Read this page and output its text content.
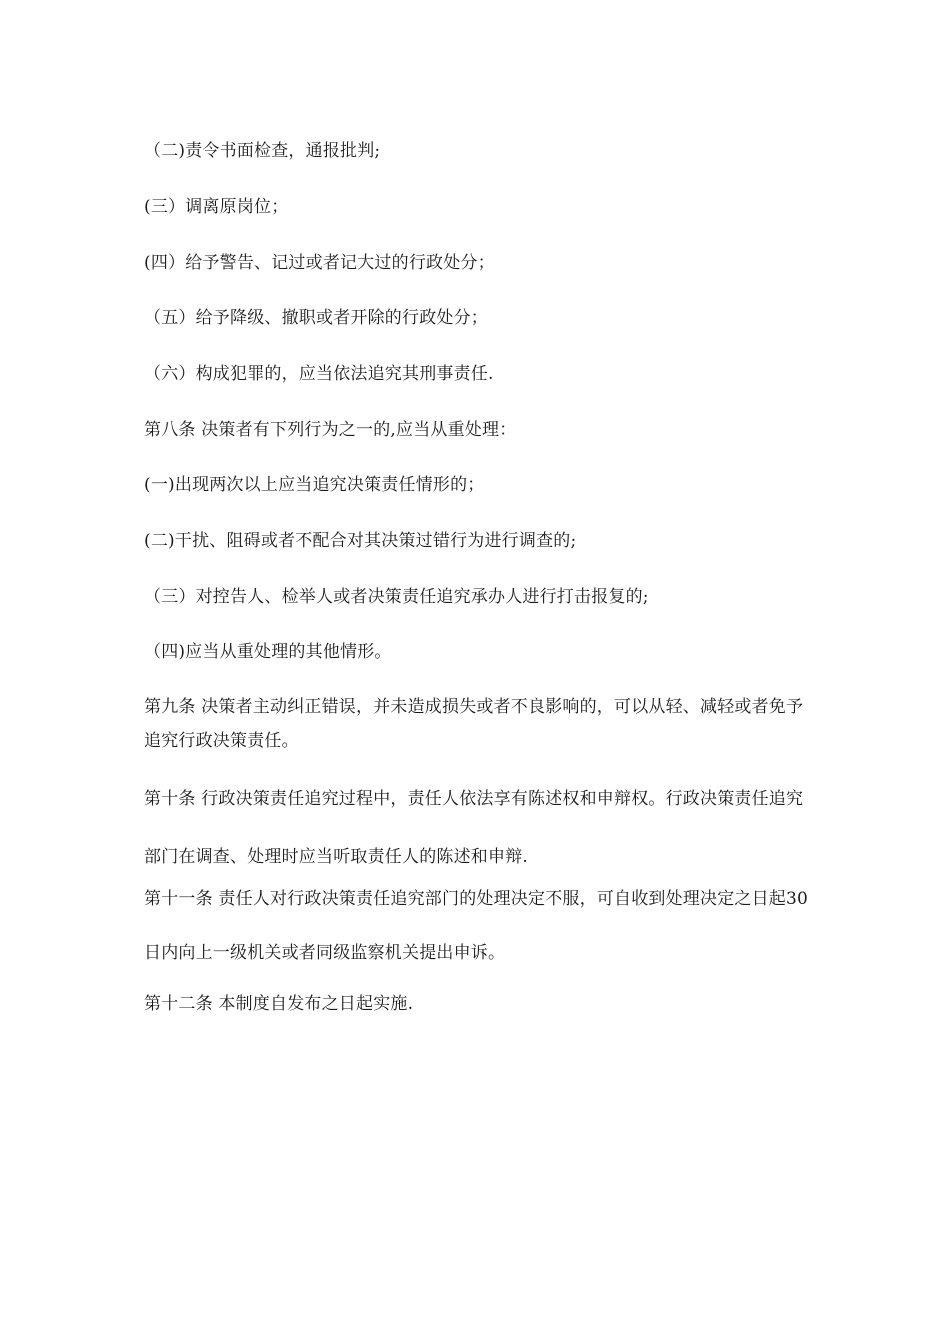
（二)责令书面检查，通报批判;
(三）调离原岗位；
(四）给予警告、记过或者记大过的行政处分；
（五）给予降级、撤职或者开除的行政处分；
（六）构成犯罪的，应当依法追究其刑事责任.
第八条 决策者有下列行为之一的,应当从重处理：
(一)出现两次以上应当追究决策责任情形的；
(二)干扰、阻碍或者不配合对其决策过错行为进行调查的;
（三）对控告人、检举人或者决策责任追究承办人进行打击报复的;
（四)应当从重处理的其他情形。
第九条 决策者主动纠正错误，并未造成损失或者不良影响的，可以从轻、减轻或者免予追究行政决策责任。
第十条 行政决策责任追究过程中，责任人依法享有陈述权和申辩权。行政决策责任追究部门在调查、处理时应当听取责任人的陈述和申辩.
第十一条 责任人对行政决策责任追究部门的处理决定不服，可自收到处理决定之日起30日内向上一级机关或者同级监察机关提出申诉。
第十二条 本制度自发布之日起实施.
